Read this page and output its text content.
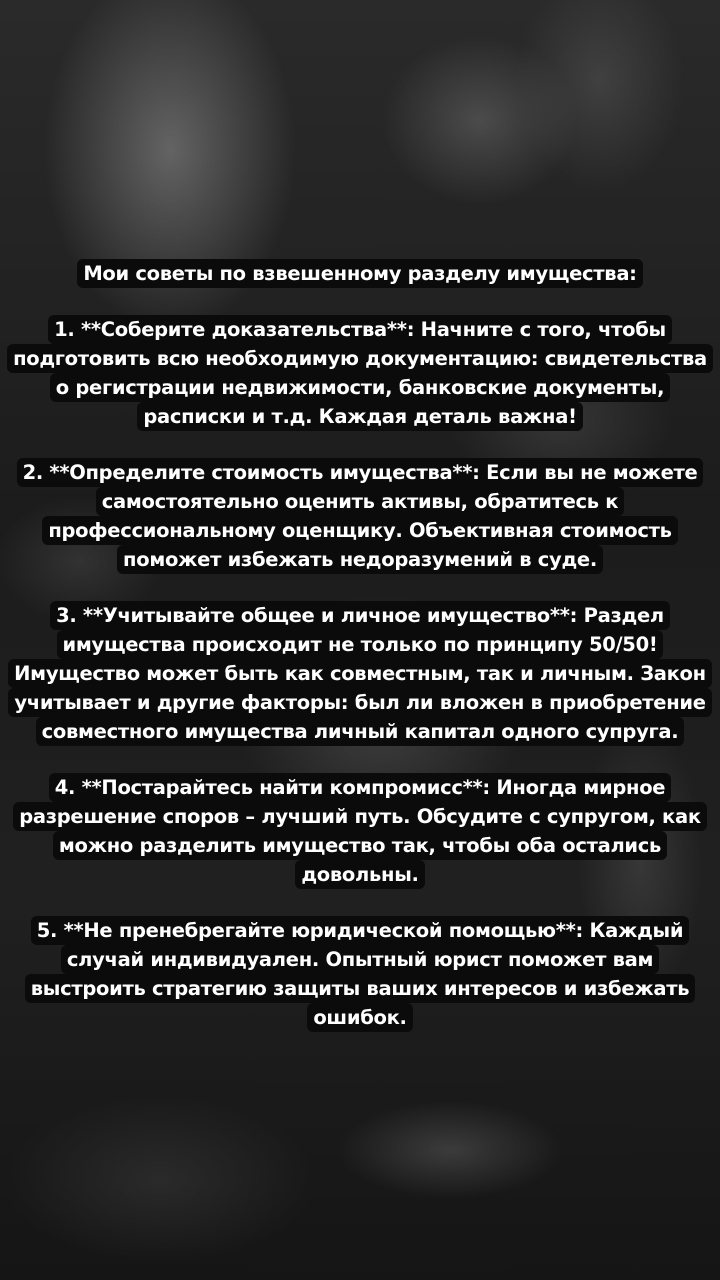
Мои советы по взвешенному разделу имущества:
1. **Соберите доказательства**: Начните с того, чтобы
подготовить всю необходимую документацию: свидетельства
о регистрации недвижимости, банковские документы,
расписки и т.д. Каждая деталь важна!
2. **Определите стоимость имущества**: Если вы не можете
самостоятельно оценить активы, обратитесь к
профессиональному оценщику. Объективная стоимость
поможет избежать недоразумений в суде.
3. **Учитывайте общее и личное имущество**: Раздел
имущества происходит не только по принципу 50/50!
Имущество может быть как совместным, так и личным. Закон
учитывает и другие факторы: был ли вложен в приобретение
совместного имущества личный капитал одного супруга.
4. **Постарайтесь найти компромисс**: Иногда мирное
разрешение споров – лучший путь. Обсудите с супругом, как
можно разделить имущество так, чтобы оба остались
довольны.
5. **Не пренебрегайте юридической помощью**: Каждый
случай индивидуален. Опытный юрист поможет вам
выстроить стратегию защиты ваших интересов и избежать
ошибок.
